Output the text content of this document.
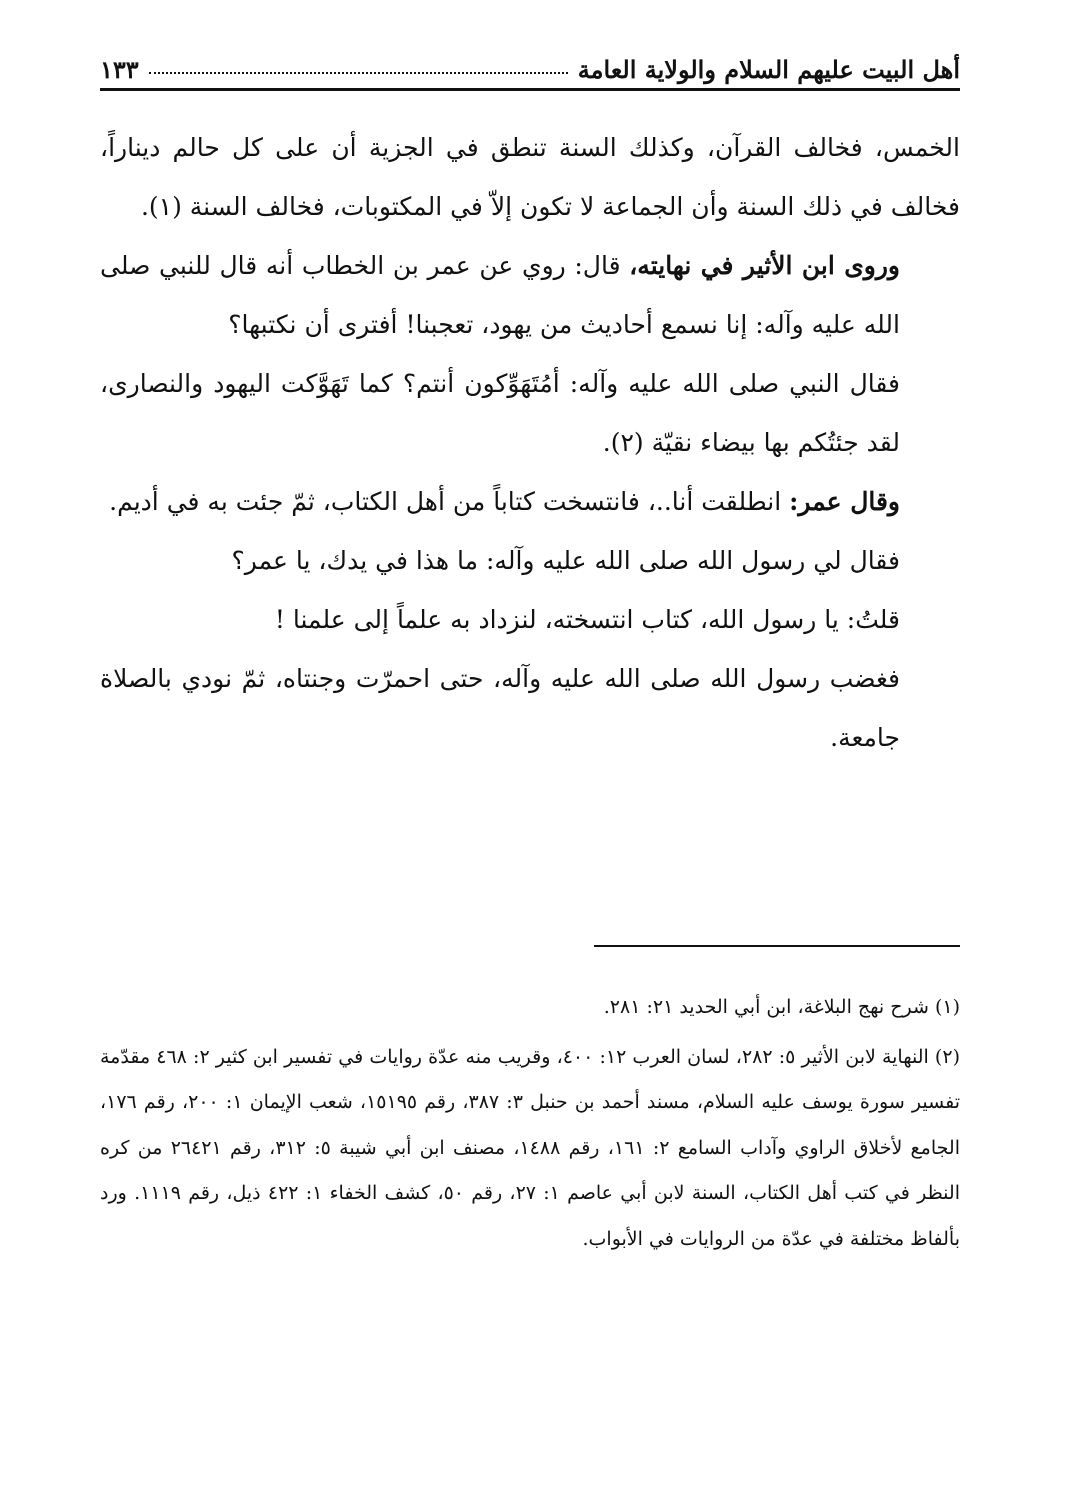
أهل البيت عليهم السلام والولاية العامة
١٣٣

الخمس، فخالف القرآن، وكذلك السنة تنطق في الجزية أن على كل حالم ديناراً، فخالف في ذلك السنة وأن الجماعة لا تكون إلاّ في المكتوبات، فخالف السنة (١).

وروى ابن الأثير في نهايته، قال: روي عن عمر بن الخطاب أنه قال للنبي صلى الله عليه وآله: إنا نسمع أحاديث من يهود، تعجبنا! أفترى أن نكتبها؟

فقال النبي صلى الله عليه وآله: أمُتَهَوِّكون أنتم؟ كما تَهَوَّكت اليهود والنصارى، لقد جئتُكم بها بيضاء نقيّة (٢).

وقال عمر: انطلقت أنا..، فانتسخت كتاباً من أهل الكتاب، ثمّ جئت به في أديم.

فقال لي رسول الله صلى الله عليه وآله: ما هذا في يدك، يا عمر؟

قلتُ: يا رسول الله، كتاب انتسخته، لنزداد به علماً إلى علمنا !

فغضب رسول الله صلى الله عليه وآله، حتى احمرّت وجنتاه، ثمّ نودي بالصلاة جامعة.

(١) شرح نهج البلاغة، ابن أبي الحديد ٢١: ٢٨١.

(٢) النهاية لابن الأثير ٥: ٢٨٢، لسان العرب ١٢: ٤٠٠، وقريب منه عدّة روايات في تفسير ابن كثير ٢: ٤٦٨ مقدّمة تفسير سورة يوسف عليه السلام، مسند أحمد بن حنبل ٣: ٣٨٧، رقم ١٥١٩٥، شعب الإيمان ١: ٢٠٠، رقم ١٧٦، الجامع لأخلاق الراوي وآداب السامع ٢: ١٦١، رقم ١٤٨٨، مصنف ابن أبي شيبة ٥: ٣١٢، رقم ٢٦٤٢١ من كره النظر في كتب أهل الكتاب، السنة لابن أبي عاصم ١: ٢٧، رقم ٥٠، كشف الخفاء ١: ٤٢٢ ذيل، رقم ١١١٩. ورد بألفاظ مختلفة في عدّة من الروايات في الأبواب.
